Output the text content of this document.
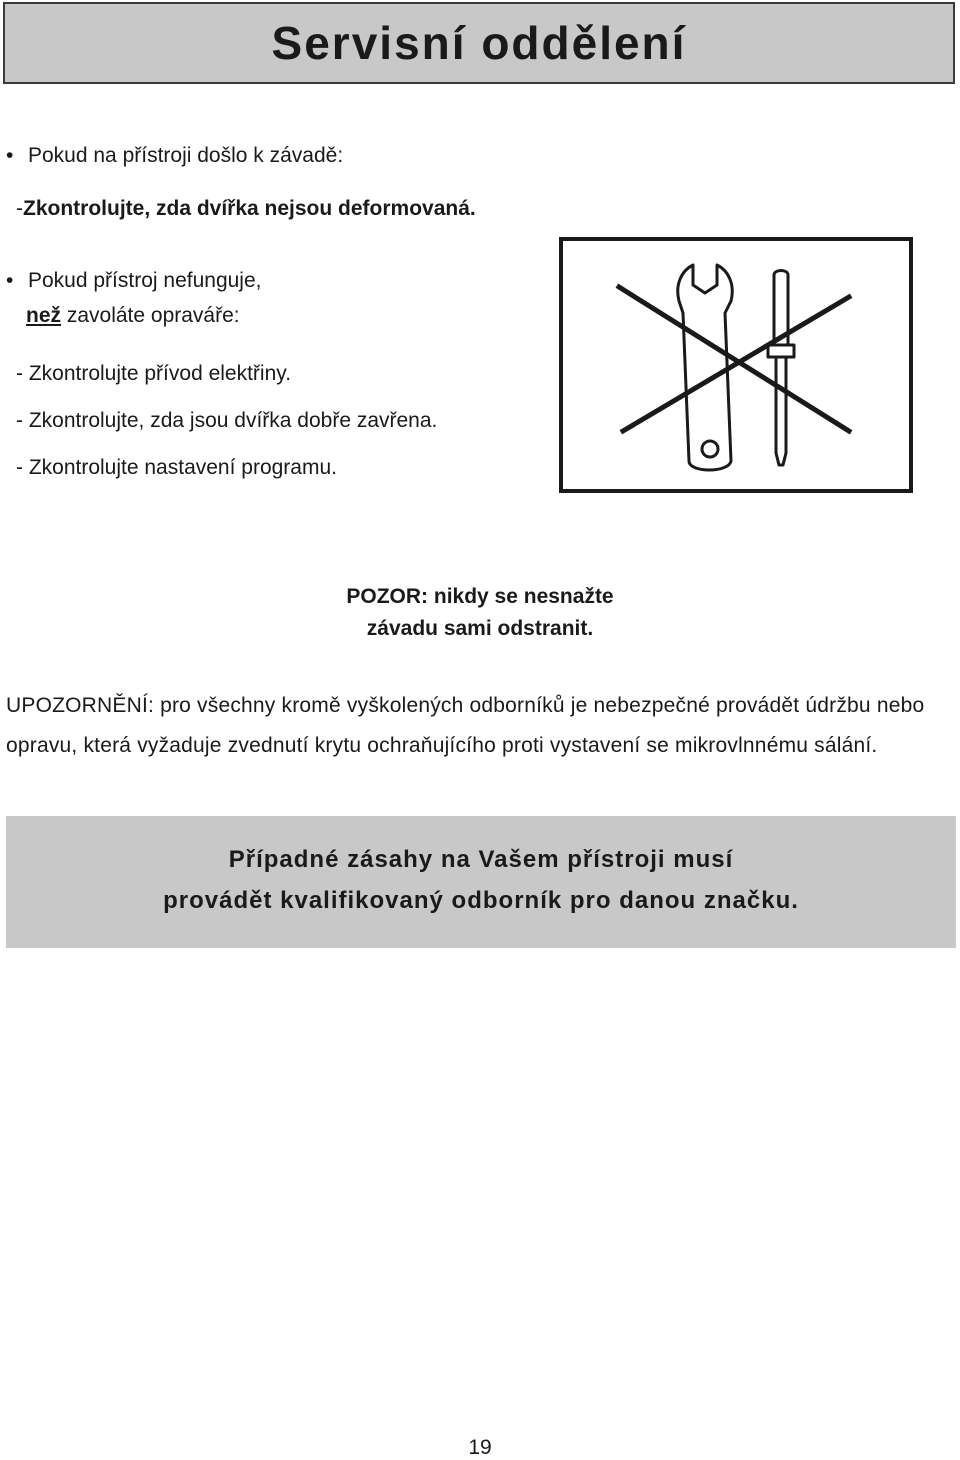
Servisní oddělení
• Pokud na přístroji došlo k závadě:
-Zkontrolujte, zda dvířka nejsou deformovaná.
• Pokud přístroj nefunguje,
než zavoláte opraváře:
- Zkontrolujte přívod elektřiny.
- Zkontrolujte, zda jsou dvířka dobře zavřena.
- Zkontrolujte nastavení programu.
POZOR: nikdy se nesnažte
závadu sami odstranit.
UPOZORNĚNÍ: pro všechny kromě vyškolených odborníků je nebezpečné provádět údržbu nebo opravu, která vyžaduje zvednutí krytu ochraňujícího proti vystavení se mikrovlnnému sálání.

Případné zásahy na Vašem přístroji musí

provádět kvalifikovaný odborník pro danou značku.

19
